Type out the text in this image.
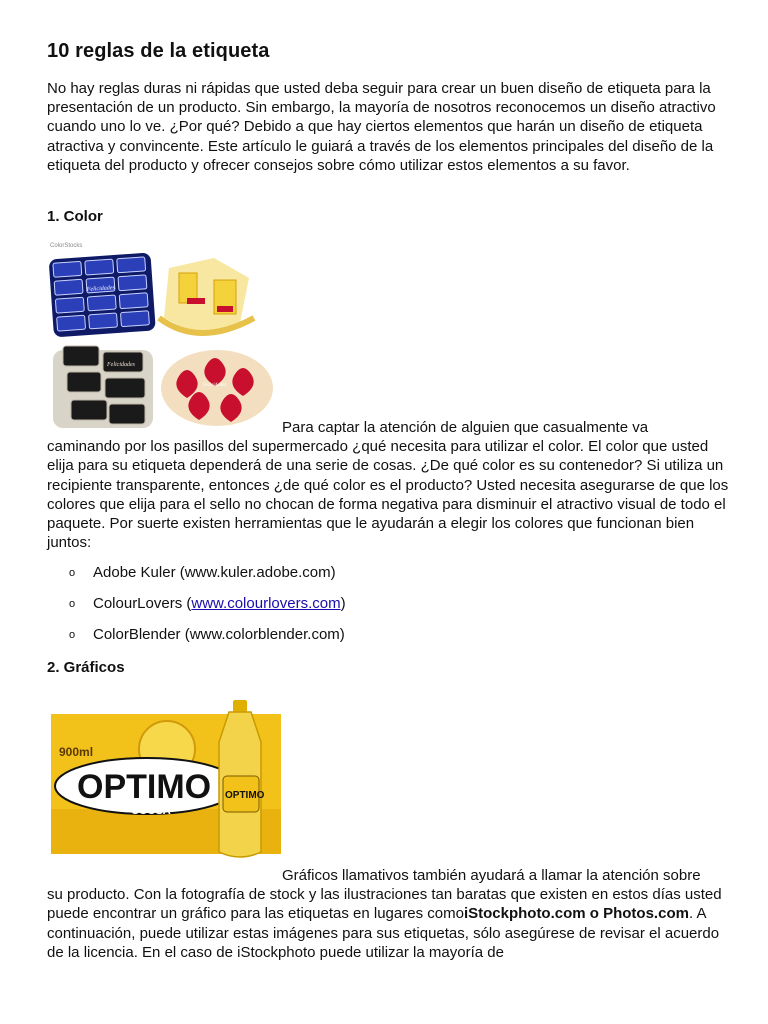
10 reglas de la etiqueta

No hay reglas duras ni rápidas que usted deba seguir para crear un buen diseño de etiqueta para la presentación de un producto. Sin embargo, la mayoría de nosotros reconocemos un diseño atractivo cuando uno lo ve. ¿Por qué? Debido a que hay ciertos elementos que harán un diseño de etiqueta atractiva y convincente. Este artículo le guiará a través de los elementos principales del diseño de la etiqueta del producto y ofrecer consejos sobre cómo utilizar estos elementos a su favor.

1. Color
ColorStocks
Felicidades
Felicidades
Felicidades

Para captar la atención de alguien que casualmente va

caminando por los pasillos del supermercado ¿qué necesita para utilizar el color. El color que usted elija para su etiqueta dependerá de una serie de cosas. ¿De qué color es su contenedor? Si utiliza un recipiente transparente, entonces ¿de qué color es el producto? Usted necesita asegurarse de que los colores que elija para el sello no chocan de forma negativa para disminuir el atractivo visual de todo el paquete. Por suerte existen herramientas que le ayudarán a elegir los colores que funcionan bien juntos:

o Adobe Kuler (www.kuler.adobe.com)
o ColourLovers (www.colourlovers.com)
o ColorBlender (www.colorblender.com)
2. Gráficos
900ml
OPTIMO
COUSA
OPTIMO

Gráficos llamativos también ayudará a llamar la atención sobre

su producto. Con la fotografía de stock y las ilustraciones tan baratas que existen en estos días usted puede encontrar un gráfico para las etiquetas en lugares comoiStockphoto.com o Photos.com. A continuación, puede utilizar estas imágenes para sus etiquetas, sólo asegúrese de revisar el acuerdo de la licencia. En el caso de iStockphoto puede utilizar la mayoría de
